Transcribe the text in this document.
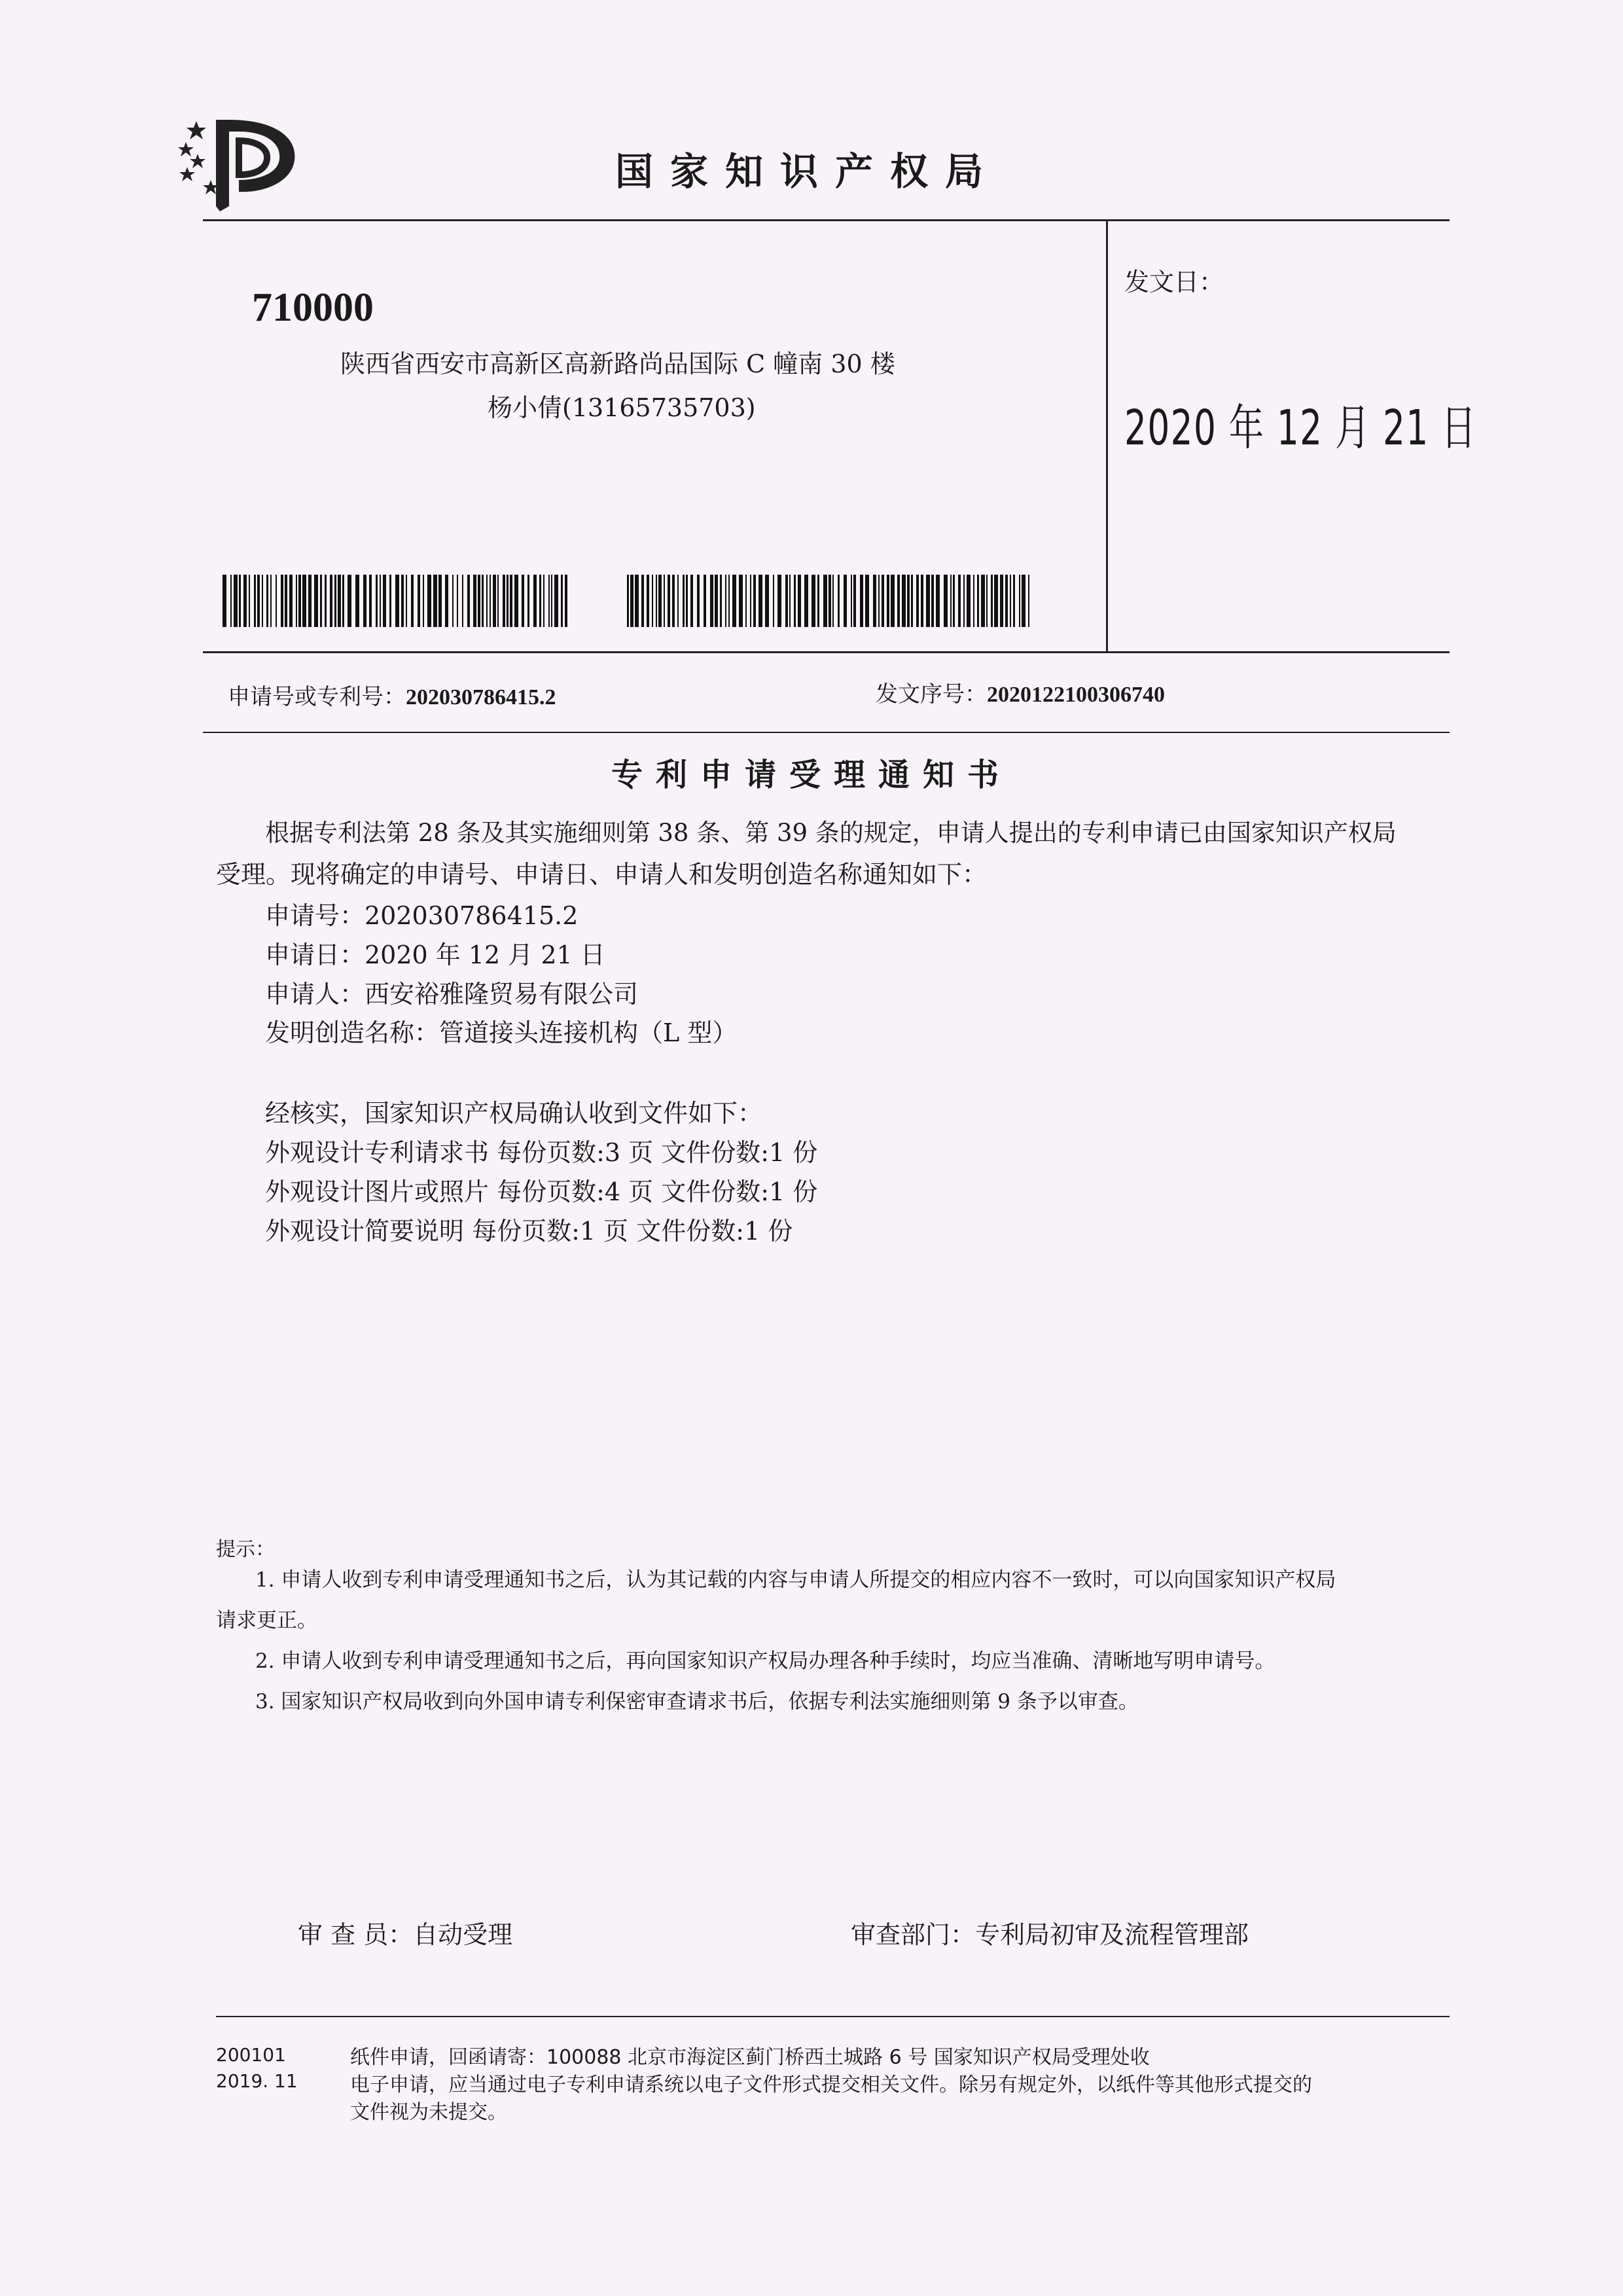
国家知识产权局
710000
陕西省西安市高新区高新路尚品国际 C 幢南 30 楼
杨小倩(13165735703)
发文日：
2020 年 12 月 21 日
申请号或专利号：202030786415.2	发文序号：2020122100306740
专利申请受理通知书
根据专利法第 28 条及其实施细则第 38 条、第 39 条的规定，申请人提出的专利申请已由国家知识产权局
受理。现将确定的申请号、申请日、申请人和发明创造名称通知如下：
申请号：202030786415.2
申请日：2020 年 12 月 21 日
申请人：西安裕雅隆贸易有限公司
发明创造名称：管道接头连接机构（L 型）
经核实，国家知识产权局确认收到文件如下：
外观设计专利请求书 每份页数:3 页 文件份数:1 份
外观设计图片或照片 每份页数:4 页 文件份数:1 份
外观设计简要说明 每份页数:1 页 文件份数:1 份
提示：
1. 申请人收到专利申请受理通知书之后，认为其记载的内容与申请人所提交的相应内容不一致时，可以向国家知识产权局
请求更正。
2. 申请人收到专利申请受理通知书之后，再向国家知识产权局办理各种手续时，均应当准确、清晰地写明申请号。
3. 国家知识产权局收到向外国申请专利保密审查请求书后，依据专利法实施细则第 9 条予以审查。
审 查 员：自动受理	审查部门：专利局初审及流程管理部
200101
2019. 11
纸件申请，回函请寄：100088 北京市海淀区蓟门桥西土城路 6 号 国家知识产权局受理处收
电子申请，应当通过电子专利申请系统以电子文件形式提交相关文件。除另有规定外，以纸件等其他形式提交的
文件视为未提交。
